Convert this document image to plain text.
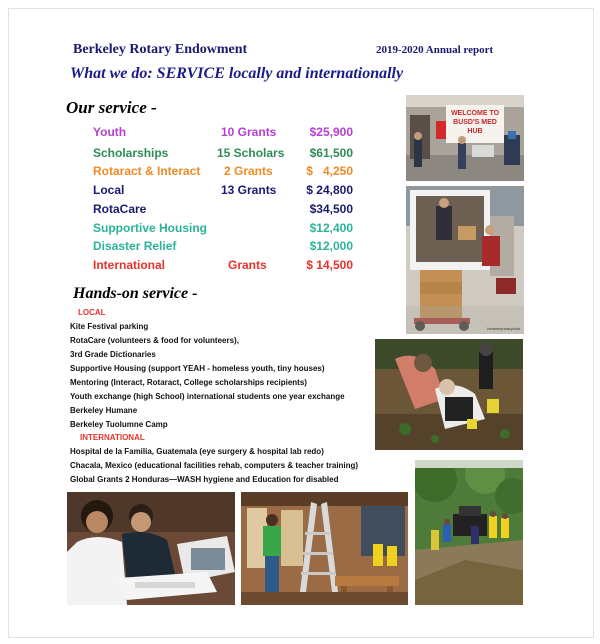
Berkeley Rotary Endowment	2019-2020 Annual report
What we do: SERVICE locally and internationally
Our service -
Youth	10 Grants	$25,900
Scholarships	15 Scholars $61,500
Rotaract & Interact 2 Grants	$   4,250
Local	13 Grants $ 24,800
RotaCare	$34,500
Supportive Housing	$12,400
Disaster Relief	$12,000
International	Grants	$ 14,500
Hands-on service -
LOCAL
Kite Festival parking
RotaCare (volunteers & food for volunteers),
3rd Grade Dictionaries
Supportive Housing (support YEAH - homeless youth, tiny houses)
Mentoring (Interact, Rotaract, College scholarships recipients)
Youth exchange (high School) international students one year exchange
Berkeley Humane
Berkeley Tuolumne Camp
INTERNATIONAL
Hospital de la Familia, Guatemala (eye surgery & hospital lab redo)
Chacala, Mexico (educational facilities rehab, computers & teacher training)
Global Grants 2 Honduras—WASH hygiene and Education for disabled
WELCOME TO BUSD'S MED HUB
berkeleyrotaryclub
